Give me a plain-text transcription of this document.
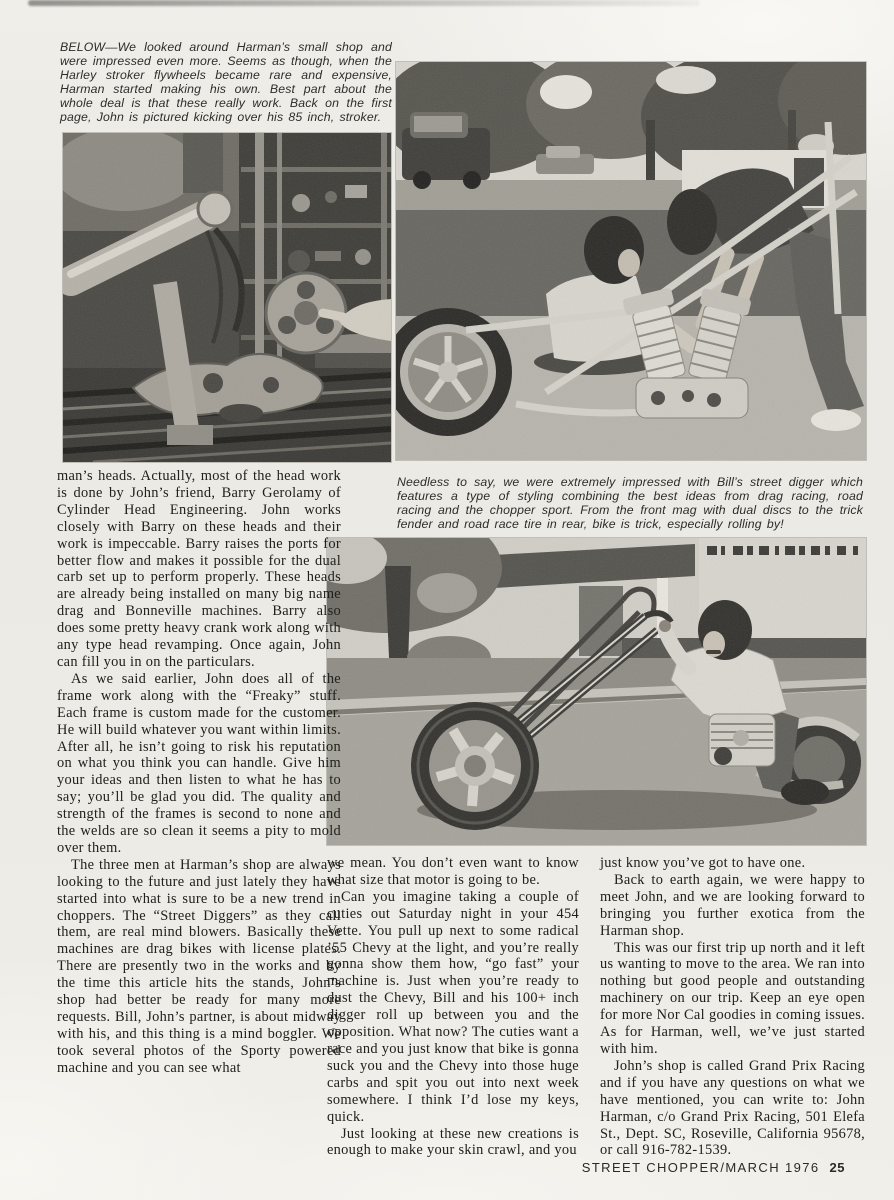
BELOW—We looked around Harman’s small shop and were impressed even more. Seems as though, when the Harley stroker flywheels became rare and expensive, Harman started making his own. Best part about the whole deal is that these really work. Back on the first page, John is pictured kicking over his 85 inch, stroker.
Needless to say, we were extremely impressed with Bill’s street digger which features a type of styling combining the best ideas from drag racing, road racing and the chopper sport. From the front mag with dual discs to the trick fender and road race tire in rear, bike is trick, especially rolling by!

man’s heads. Actually, most of the head work is done by John’s friend, Barry Gerolamy of Cylinder Head Engineering. John works closely with Barry on these heads and their work is impeccable. Barry raises the ports for better flow and makes it possible for the dual carb set up to perform properly. These heads are already being installed on many big name drag and Bonneville machines. Barry also does some pretty heavy crank work along with any type head revamping. Once again, John can fill you in on the particulars.

As we said earlier, John does all of the frame work along with the “Freaky” stuff. Each frame is custom made for the customer. He will build whatever you want within limits. After all, he isn’t going to risk his reputation on what you think you can handle. Give him your ideas and then listen to what he has to say; you’ll be glad you did. The quality and strength of the frames is second to none and the welds are so clean it seems a pity to mold over them.

The three men at Harman’s shop are always looking to the future and just lately they have started into what is sure to be a new trend in choppers. The “Street Diggers” as they call them, are real mind blowers. Basically these machines are drag bikes with license plates. There are presently two in the works and by the time this article hits the stands, John’s shop had better be ready for many more requests. Bill, John’s partner, is about midway with his, and this thing is a mind boggler. We took several photos of the Sporty powered machine and you can see what

we mean. You don’t even want to know what size that motor is going to be.

Can you imagine taking a couple of cuties out Saturday night in your 454 Vette. You pull up next to some radical ’55 Chevy at the light, and you’re really gonna show them how, “go fast” your machine is. Just when you’re ready to dust the Chevy, Bill and his 100+ inch digger roll up between you and the opposition. What now? The cuties want a race and you just know that bike is gonna suck you and the Chevy into those huge carbs and spit you out into next week somewhere. I think I’d lose my keys, quick.

Just looking at these new creations is enough to make your skin crawl, and you

just know you’ve got to have one.

Back to earth again, we were happy to meet John, and we are looking forward to bringing you further exotica from the Harman shop.

This was our first trip up north and it left us wanting to move to the area. We ran into nothing but good people and outstanding machinery on our trip. Keep an eye open for more Nor Cal goodies in coming issues. As for Harman, well, we’ve just started with him.

John’s shop is called Grand Prix Racing and if you have any questions on what we have mentioned, you can write to: John Harman, c/o Grand Prix Racing, 501 Elefa St., Dept. SC, Roseville, California 95678, or call 916-782-1539.

STREET CHOPPER/MARCH 1976 25
